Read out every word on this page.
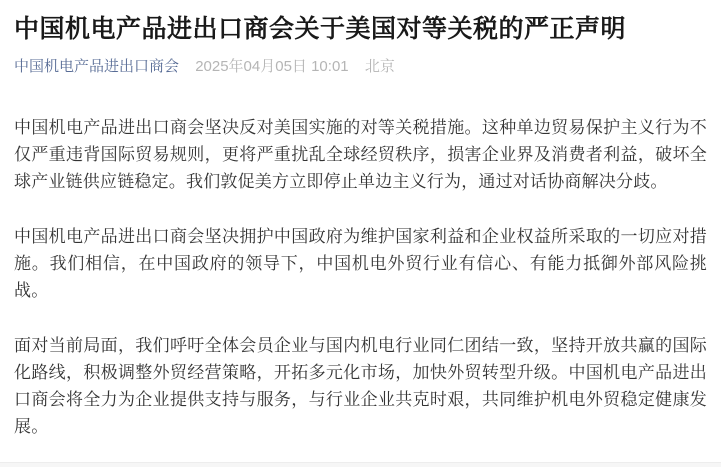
中国机电产品进出口商会关于美国对等关税的严正声明
中国机电产品进出口商会 2025年04月05日 10:01 北京

中国机电产品进出口商会坚决反对美国实施的对等关税措施。这种单边贸易保护主义行为不仅严重违背国际贸易规则，更将严重扰乱全球经贸秩序，损害企业界及消费者利益，破坏全球产业链供应链稳定。我们敦促美方立即停止单边主义行为，通过对话协商解决分歧。

中国机电产品进出口商会坚决拥护中国政府为维护国家利益和企业权益所采取的一切应对措施。我们相信，在中国政府的领导下，中国机电外贸行业有信心、有能力抵御外部风险挑战。

面对当前局面，我们呼吁全体会员企业与国内机电行业同仁团结一致，坚持开放共赢的国际化路线，积极调整外贸经营策略，开拓多元化市场，加快外贸转型升级。中国机电产品进出口商会将全力为企业提供支持与服务，与行业企业共克时艰，共同维护机电外贸稳定健康发展。
